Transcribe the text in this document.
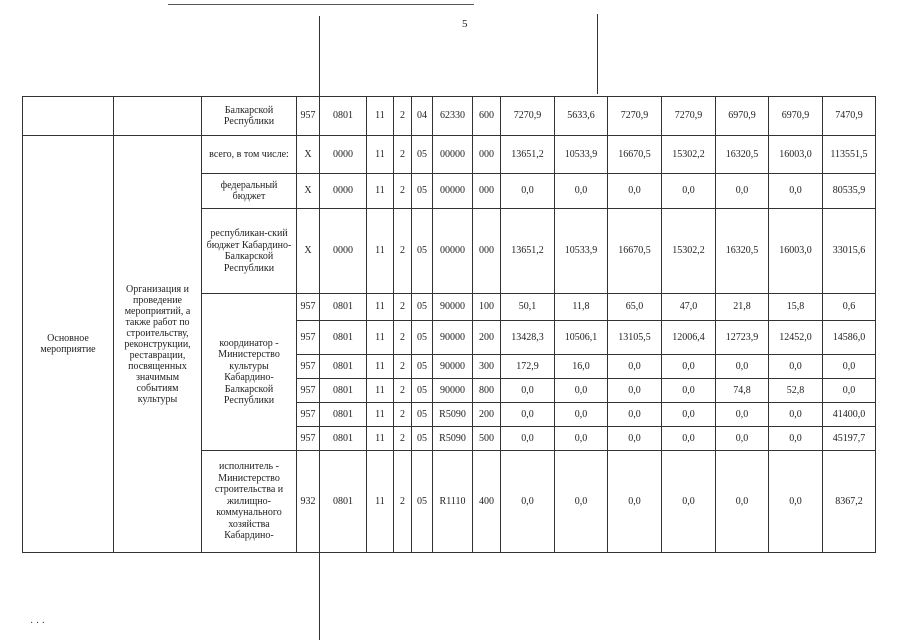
5
		Балкарской Республики	957	0801	11	2	04	62330	600	7270,9	5633,6	7270,9	7270,9	6970,9	6970,9	7470,9
Основное мероприятие	Организация и проведение мероприятий, а также работ по строительству, реконструкции, реставрации, посвященных значимым событиям культуры	всего, в том числе:	X	0000	11	2	05	00000	000	13651,2	10533,9	16670,5	15302,2	16320,5	16003,0	113551,5
		федеральный бюджет	X	0000	11	2	05	00000	000	0,0	0,0	0,0	0,0	0,0	0,0	80535,9
		республикан-ский бюджет Кабардино-Балкарской Республики	X	0000	11	2	05	00000	000	13651,2	10533,9	16670,5	15302,2	16320,5	16003,0	33015,6
		координатор - Министерство культуры Кабардино-Балкарской Республики	957	0801	11	2	05	90000	100	50,1	11,8	65,0	47,0	21,8	15,8	0,6
			957	0801	11	2	05	90000	200	13428,3	10506,1	13105,5	12006,4	12723,9	12452,0	14586,0
			957	0801	11	2	05	90000	300	172,9	16,0	0,0	0,0	0,0	0,0	0,0
			957	0801	11	2	05	90000	800	0,0	0,0	0,0	0,0	74,8	52,8	0,0
			957	0801	11	2	05	R5090	200	0,0	0,0	0,0	0,0	0,0	0,0	41400,0
			957	0801	11	2	05	R5090	500	0,0	0,0	0,0	0,0	0,0	0,0	45197,7
		исполнитель - Министерство строительства и жилищно-коммунального хозяйства Кабардино-	932	0801	11	2	05	R1110	400	0,0	0,0	0,0	0,0	0,0	0,0	8367,2
· · ·
